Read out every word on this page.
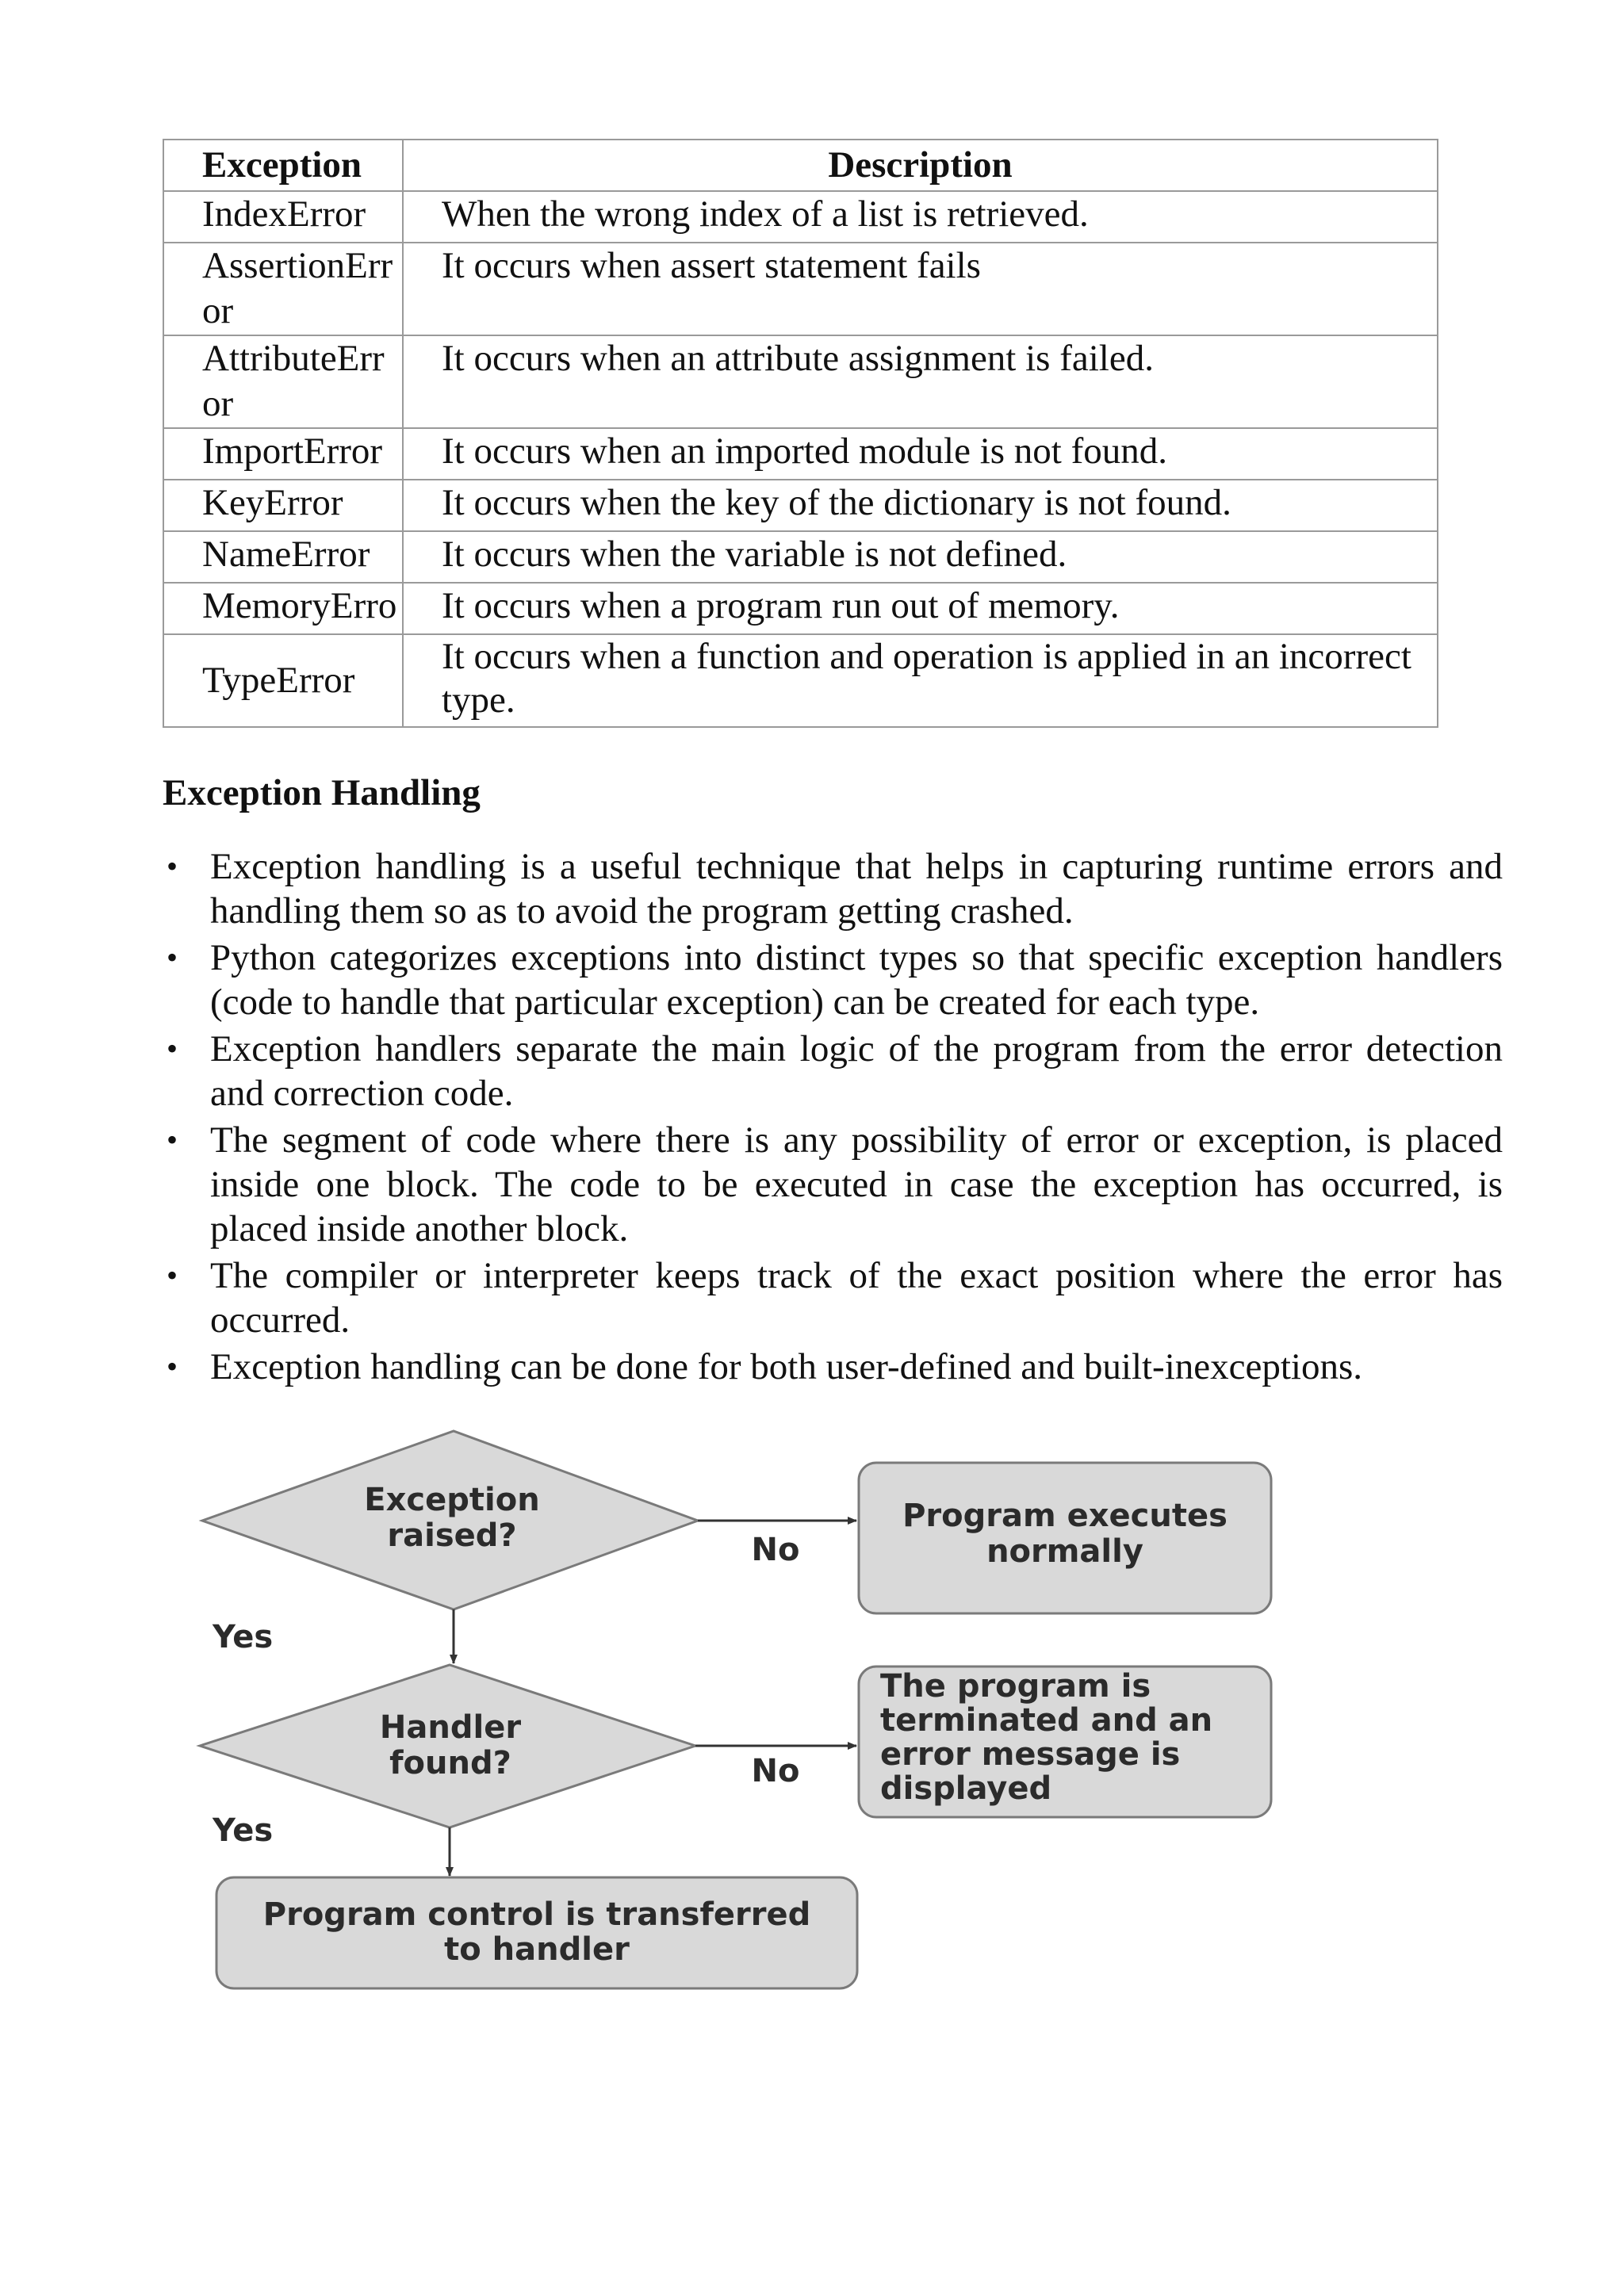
Exception	Description
IndexError	When the wrong index of a list is retrieved.
AssertionError	It occurs when assert statement fails
AttributeError	It occurs when an attribute assignment is failed.
ImportError	It occurs when an imported module is not found.
KeyError	It occurs when the key of the dictionary is not found.
NameError	It occurs when the variable is not defined.
MemoryErro	It occurs when a program run out of memory.
TypeError	It occurs when a function and operation is applied in an incorrect type.
Exception Handling
• Exception handling is a useful technique that helps in capturing runtime errors and handling them so as to avoid the program getting crashed.
• Python categorizes exceptions into distinct types so that specific exception handlers (code to handle that particular exception) can be created for each type.
• Exception handlers separate the main logic of the program from the error detection and correction code.
• The segment of code where there is any possibility of error or exception, is placed inside one block. The code to be executed in case the exception has occurred, is placed inside another block.
• The compiler or interpreter keeps track of the exact position where the error has occurred.
• Exception handling can be done for both user-defined and built-inexceptions.
Exception
raised?	No
Program executes
normally
Yes
Handler
found?	No
The program is
terminated and an
error message is
displayed
Yes
Program control is transferred
to handler
